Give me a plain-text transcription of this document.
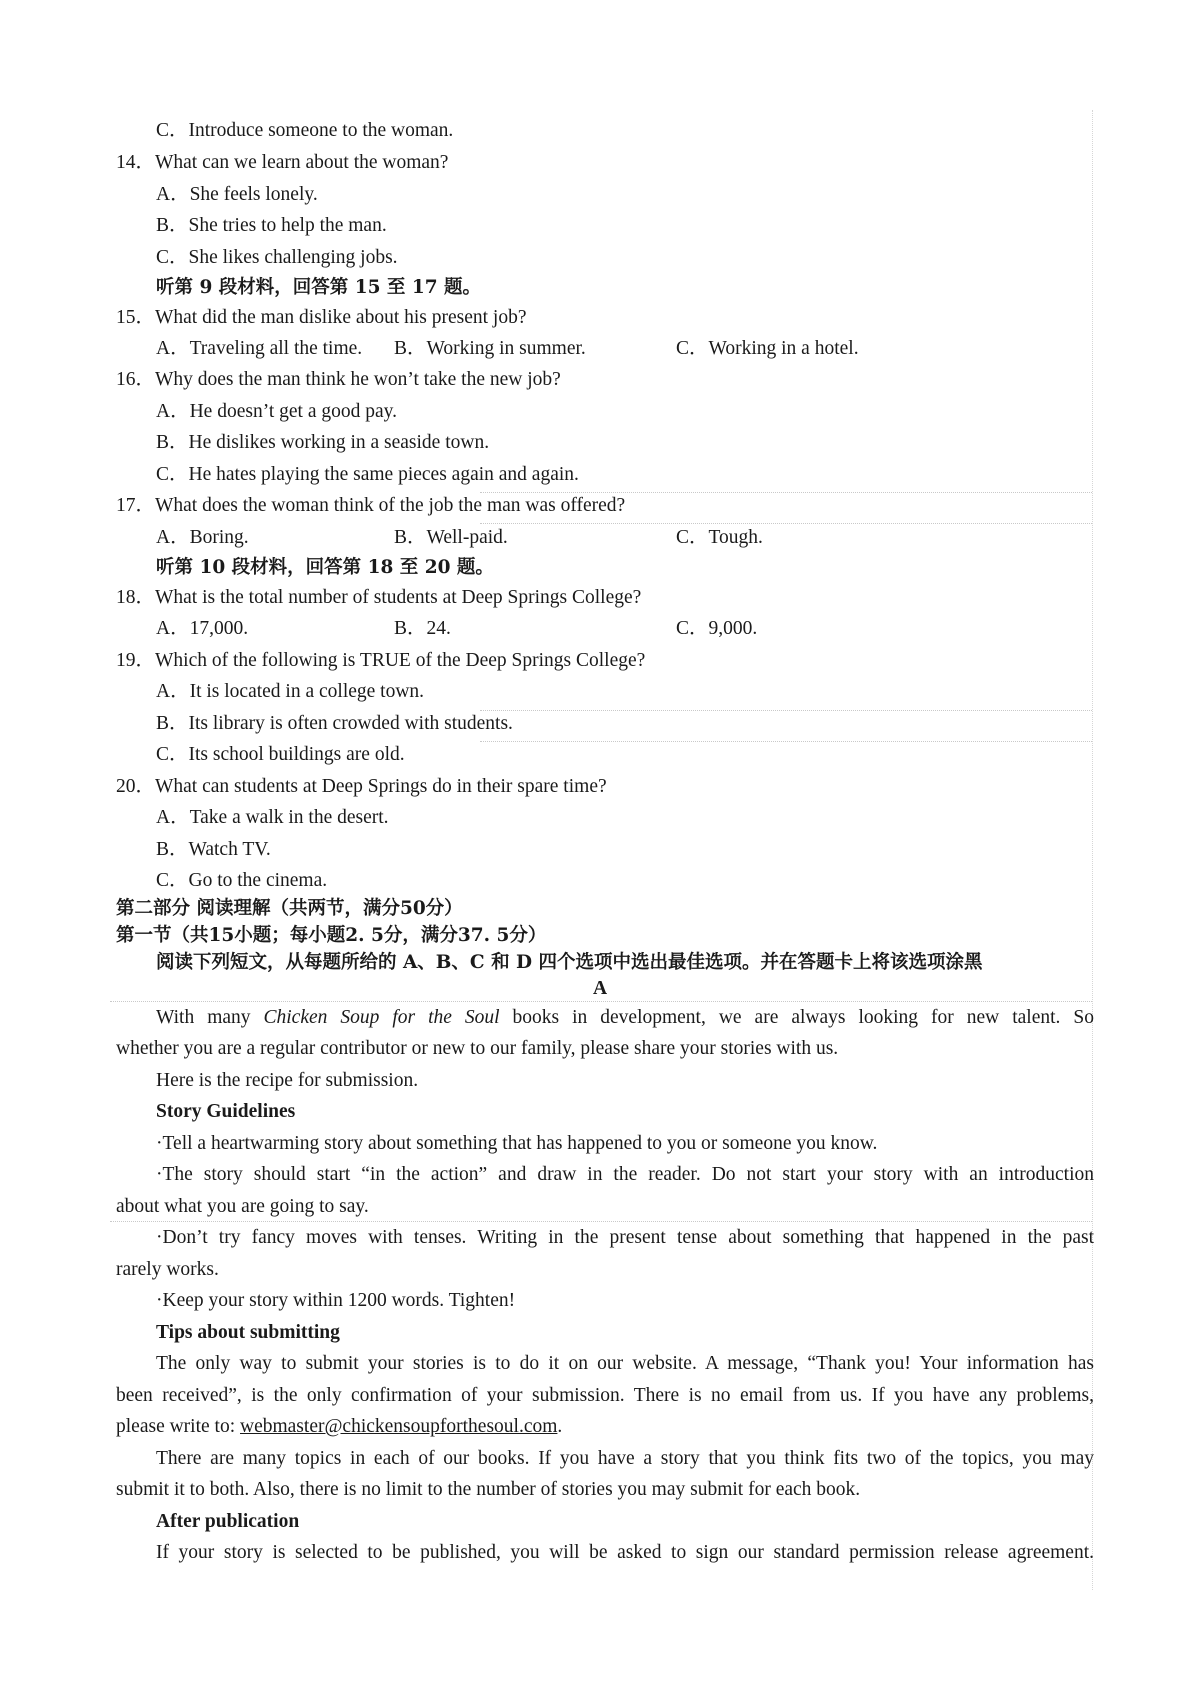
C．Introduce someone to the woman.
14．What can we learn about the woman?
A．She feels lonely.
B．She tries to help the man.
C．She likes challenging jobs.
听第 9 段材料，回答第 15 至 17 题。
15．What did the man dislike about his present job?
A．Traveling all the time. B．Working in summer.	C．Working in a hotel.
16．Why does the man think he won’t take the new job?
A．He doesn’t get a good pay.
B．He dislikes working in a seaside town.
C．He hates playing the same pieces again and again.
17．What does the woman think of the job the man was offered?
A．Boring.	B．Well-paid.	C．Tough.
听第 10 段材料，回答第 18 至 20 题。
18．What is the total number of students at Deep Springs College?
A．17,000.	B．24.	C．9,000.
19．Which of the following is TRUE of the Deep Springs College?
A．It is located in a college town.
B．Its library is often crowded with students.
C．Its school buildings are old.
20．What can students at Deep Springs do in their spare time?
A．Take a walk in the desert.
B．Watch TV.
C．Go to the cinema.
第二部分 阅读理解（共两节，满分50分）
第一节（共15小题；每小题2. 5分，满分37. 5分）
阅读下列短文，从每题所给的 A、B、C 和 D 四个选项中选出最佳选项。并在答题卡上将该选项涂黑
A
With many Chicken Soup for the Soul books in development, we are always looking for new talent. So
whether you are a regular contributor or new to our family, please share your stories with us.
Here is the recipe for submission.
Story Guidelines
·Tell a heartwarming story about something that has happened to you or someone you know.
·The story should start “in the action” and draw in the reader. Do not start your story with an introduction
about what you are going to say.
·Don’t try fancy moves with tenses. Writing in the present tense about something that happened in the past
rarely works.
·Keep your story within 1200 words. Tighten!
Tips about submitting
The only way to submit your stories is to do it on our website. A message, “Thank you! Your information has
been received”, is the only confirmation of your submission. There is no email from us. If you have any problems,
please write to: webmaster@chickensoupforthesoul.com.
There are many topics in each of our books. If you have a story that you think fits two of the topics, you may
submit it to both. Also, there is no limit to the number of stories you may submit for each book.
After publication
If your story is selected to be published, you will be asked to sign our standard permission release agreement.
